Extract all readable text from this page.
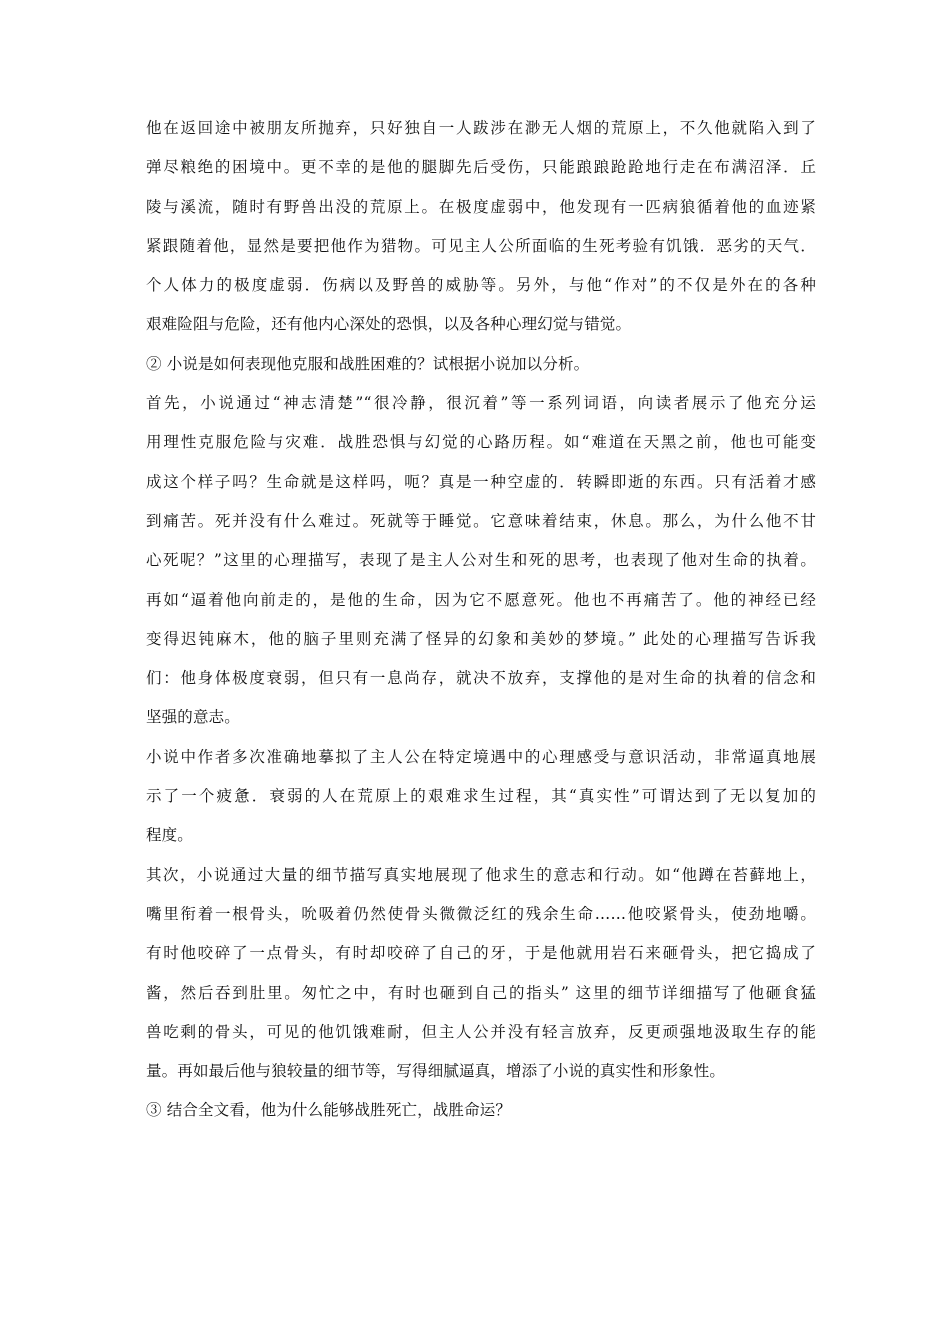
他在返回途中被朋友所抛弃，只好独自一人跋涉在渺无人烟的荒原上，不久他就陷入到了
弹尽粮绝的困境中。更不幸的是他的腿脚先后受伤，只能踉踉跄跄地行走在布满沼泽．丘
陵与溪流，随时有野兽出没的荒原上。在极度虚弱中，他发现有一匹病狼循着他的血迹紧
紧跟随着他，显然是要把他作为猎物。可见主人公所面临的生死考验有饥饿．恶劣的天气．
个人体力的极度虚弱．伤病以及野兽的威胁等。另外，与他“作对”的不仅是外在的各种
艰难险阻与危险，还有他内心深处的恐惧，以及各种心理幻觉与错觉。
② 小说是如何表现他克服和战胜困难的？试根据小说加以分析。
首先，小说通过“神志清楚”“很冷静，很沉着”等一系列词语，向读者展示了他充分运
用理性克服危险与灾难．战胜恐惧与幻觉的心路历程。如“难道在天黑之前，他也可能变
成这个样子吗？生命就是这样吗，呃？真是一种空虚的．转瞬即逝的东西。只有活着才感
到痛苦。死并没有什么难过。死就等于睡觉。它意味着结束，休息。那么，为什么他不甘
心死呢？”这里的心理描写，表现了是主人公对生和死的思考，也表现了他对生命的执着。
再如“逼着他向前走的，是他的生命，因为它不愿意死。他也不再痛苦了。他的神经已经
变得迟钝麻木，他的脑子里则充满了怪异的幻象和美妙的梦境。” 此处的心理描写告诉我
们：他身体极度衰弱，但只有一息尚存，就决不放弃，支撑他的是对生命的执着的信念和
坚强的意志。
小说中作者多次准确地摹拟了主人公在特定境遇中的心理感受与意识活动，非常逼真地展
示了一个疲惫．衰弱的人在荒原上的艰难求生过程，其“真实性”可谓达到了无以复加的
程度。
其次，小说通过大量的细节描写真实地展现了他求生的意志和行动。如“他蹲在苔藓地上，
嘴里衔着一根骨头，吮吸着仍然使骨头微微泛红的残余生命……他咬紧骨头，使劲地嚼。
有时他咬碎了一点骨头，有时却咬碎了自己的牙，于是他就用岩石来砸骨头，把它捣成了
酱，然后吞到肚里。匆忙之中，有时也砸到自己的指头” 这里的细节详细描写了他砸食猛
兽吃剩的骨头，可见的他饥饿难耐，但主人公并没有轻言放弃，反更顽强地汲取生存的能
量。再如最后他与狼较量的细节等，写得细腻逼真，增添了小说的真实性和形象性。
③ 结合全文看，他为什么能够战胜死亡，战胜命运？
